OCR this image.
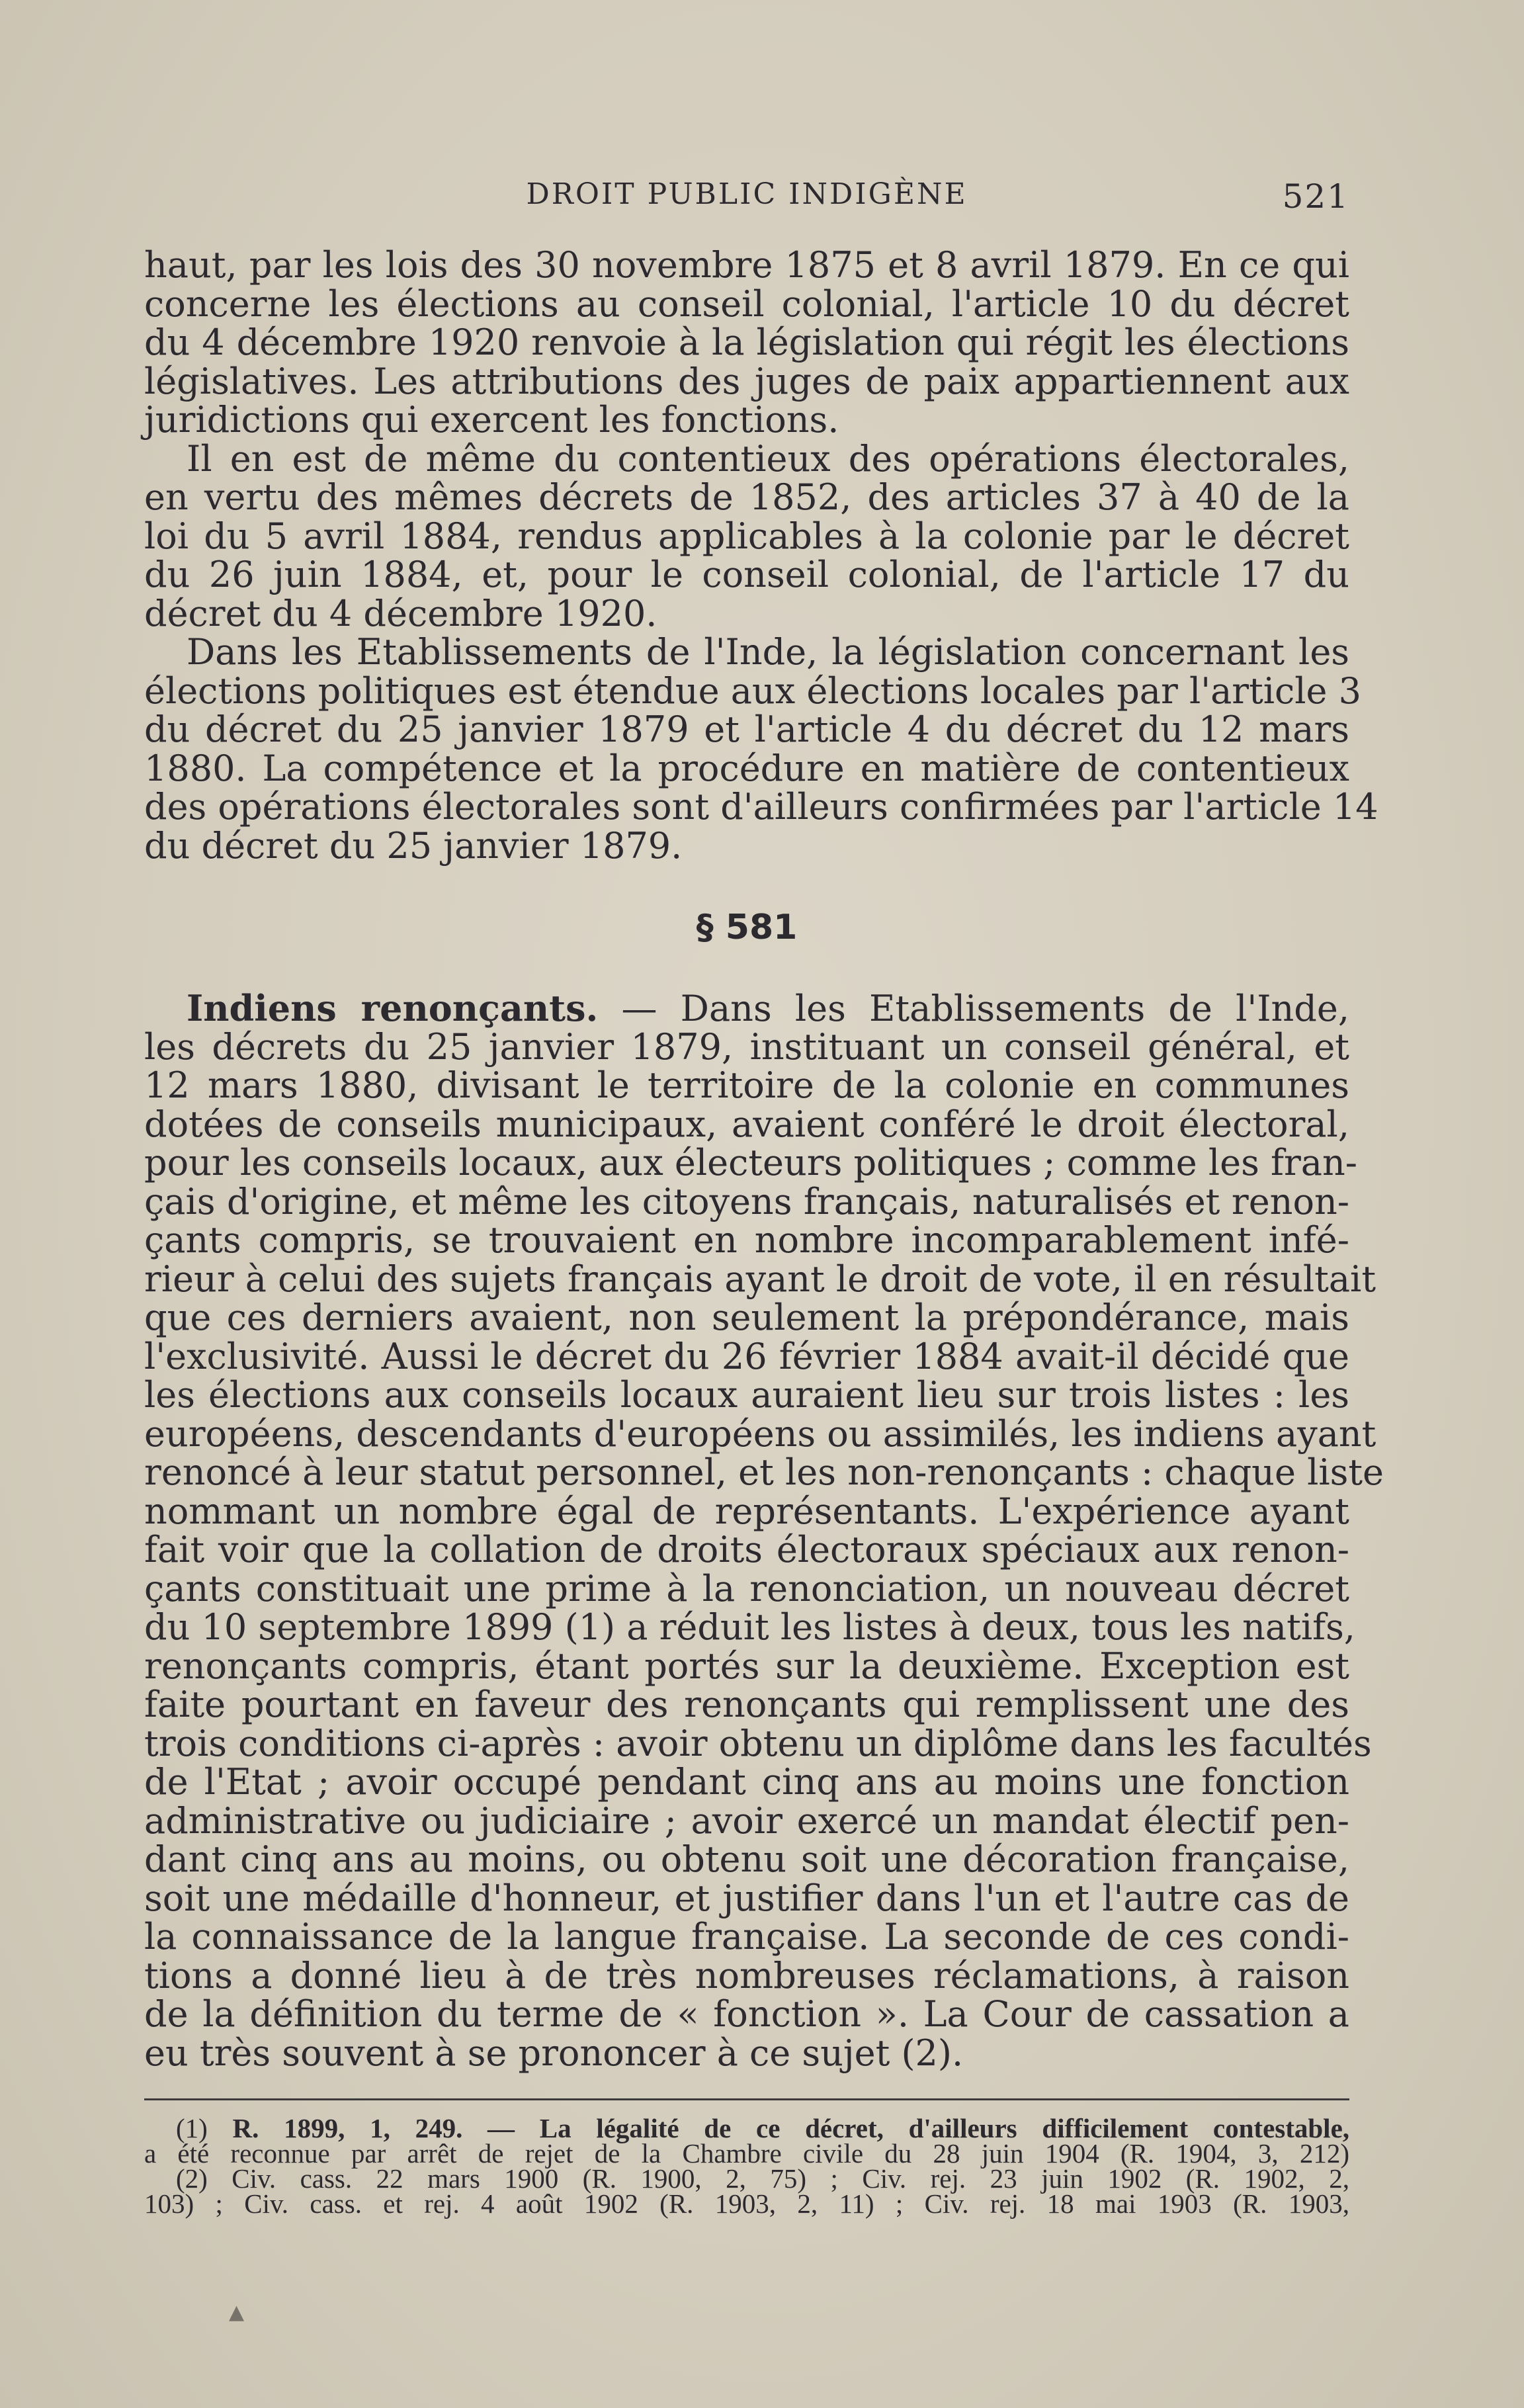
DROIT PUBLIC INDIGÈNE	521
haut, par les lois des 30 novembre 1875 et 8 avril 1879. En ce qui
concerne les élections au conseil colonial, l'article 10 du décret
du 4 décembre 1920 renvoie à la législation qui régit les élections
législatives. Les attributions des juges de paix appartiennent aux
juridictions qui exercent les fonctions.
Il en est de même du contentieux des opérations électorales,
en vertu des mêmes décrets de 1852, des articles 37 à 40 de la
loi du 5 avril 1884, rendus applicables à la colonie par le décret
du 26 juin 1884, et, pour le conseil colonial, de l'article 17 du
décret du 4 décembre 1920.
Dans les Etablissements de l'Inde, la législation concernant les
élections politiques est étendue aux élections locales par l'article 3
du décret du 25 janvier 1879 et l'article 4 du décret du 12 mars
1880. La compétence et la procédure en matière de contentieux
des opérations électorales sont d'ailleurs confirmées par l'article 14
du décret du 25 janvier 1879.
§ 581
Indiens renonçants. — Dans les Etablissements de l'Inde,
les décrets du 25 janvier 1879, instituant un conseil général, et
12 mars 1880, divisant le territoire de la colonie en communes
dotées de conseils municipaux, avaient conféré le droit électoral,
pour les conseils locaux, aux électeurs politiques ; comme les fran-
çais d'origine, et même les citoyens français, naturalisés et renon-
çants compris, se trouvaient en nombre incomparablement infé-
rieur à celui des sujets français ayant le droit de vote, il en résultait
que ces derniers avaient, non seulement la prépondérance, mais
l'exclusivité. Aussi le décret du 26 février 1884 avait-il décidé que
les élections aux conseils locaux auraient lieu sur trois listes : les
européens, descendants d'européens ou assimilés, les indiens ayant
renoncé à leur statut personnel, et les non-renonçants : chaque liste
nommant un nombre égal de représentants. L'expérience ayant
fait voir que la collation de droits électoraux spéciaux aux renon-
çants constituait une prime à la renonciation, un nouveau décret
du 10 septembre 1899 (1) a réduit les listes à deux, tous les natifs,
renonçants compris, étant portés sur la deuxième. Exception est
faite pourtant en faveur des renonçants qui remplissent une des
trois conditions ci-après : avoir obtenu un diplôme dans les facultés
de l'Etat ; avoir occupé pendant cinq ans au moins une fonction
administrative ou judiciaire ; avoir exercé un mandat électif pen-
dant cinq ans au moins, ou obtenu soit une décoration française,
soit une médaille d'honneur, et justifier dans l'un et l'autre cas de
la connaissance de la langue française. La seconde de ces condi-
tions a donné lieu à de très nombreuses réclamations, à raison
de la définition du terme de « fonction ». La Cour de cassation a
eu très souvent à se prononcer à ce sujet (2).
(1) R. 1899, 1, 249. — La légalité de ce décret, d'ailleurs difficilement contestable,
a été reconnue par arrêt de rejet de la Chambre civile du 28 juin 1904 (R. 1904, 3, 212)
(2) Civ. cass. 22 mars 1900 (R. 1900, 2, 75) ; Civ. rej. 23 juin 1902 (R. 1902, 2,
103) ; Civ. cass. et rej. 4 août 1902 (R. 1903, 2, 11) ; Civ. rej. 18 mai 1903 (R. 1903,
▲
